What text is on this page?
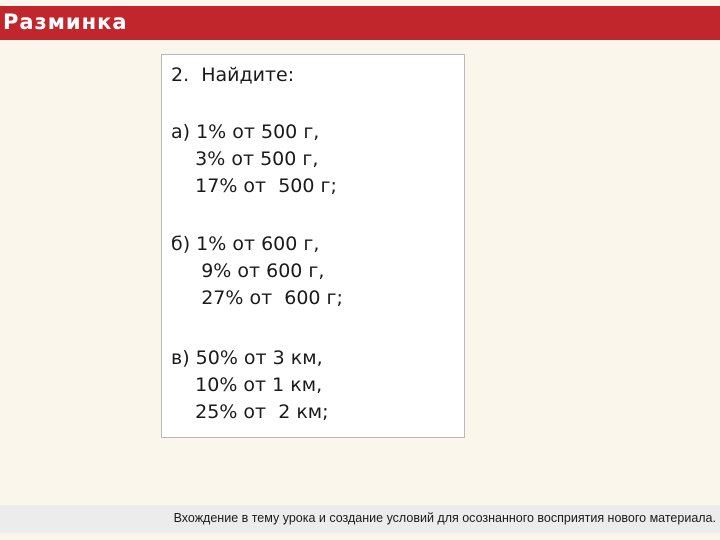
Разминка
2.  Найдите:
а) 1% от 500 г,
3% от 500 г,
17% от  500 г;
б) 1% от 600 г,
9% от 600 г,
27% от  600 г;
в) 50% от 3 км,
10% от 1 км,
25% от  2 км;
Вхождение в тему урока и создание условий для осознанного восприятия нового материала.
